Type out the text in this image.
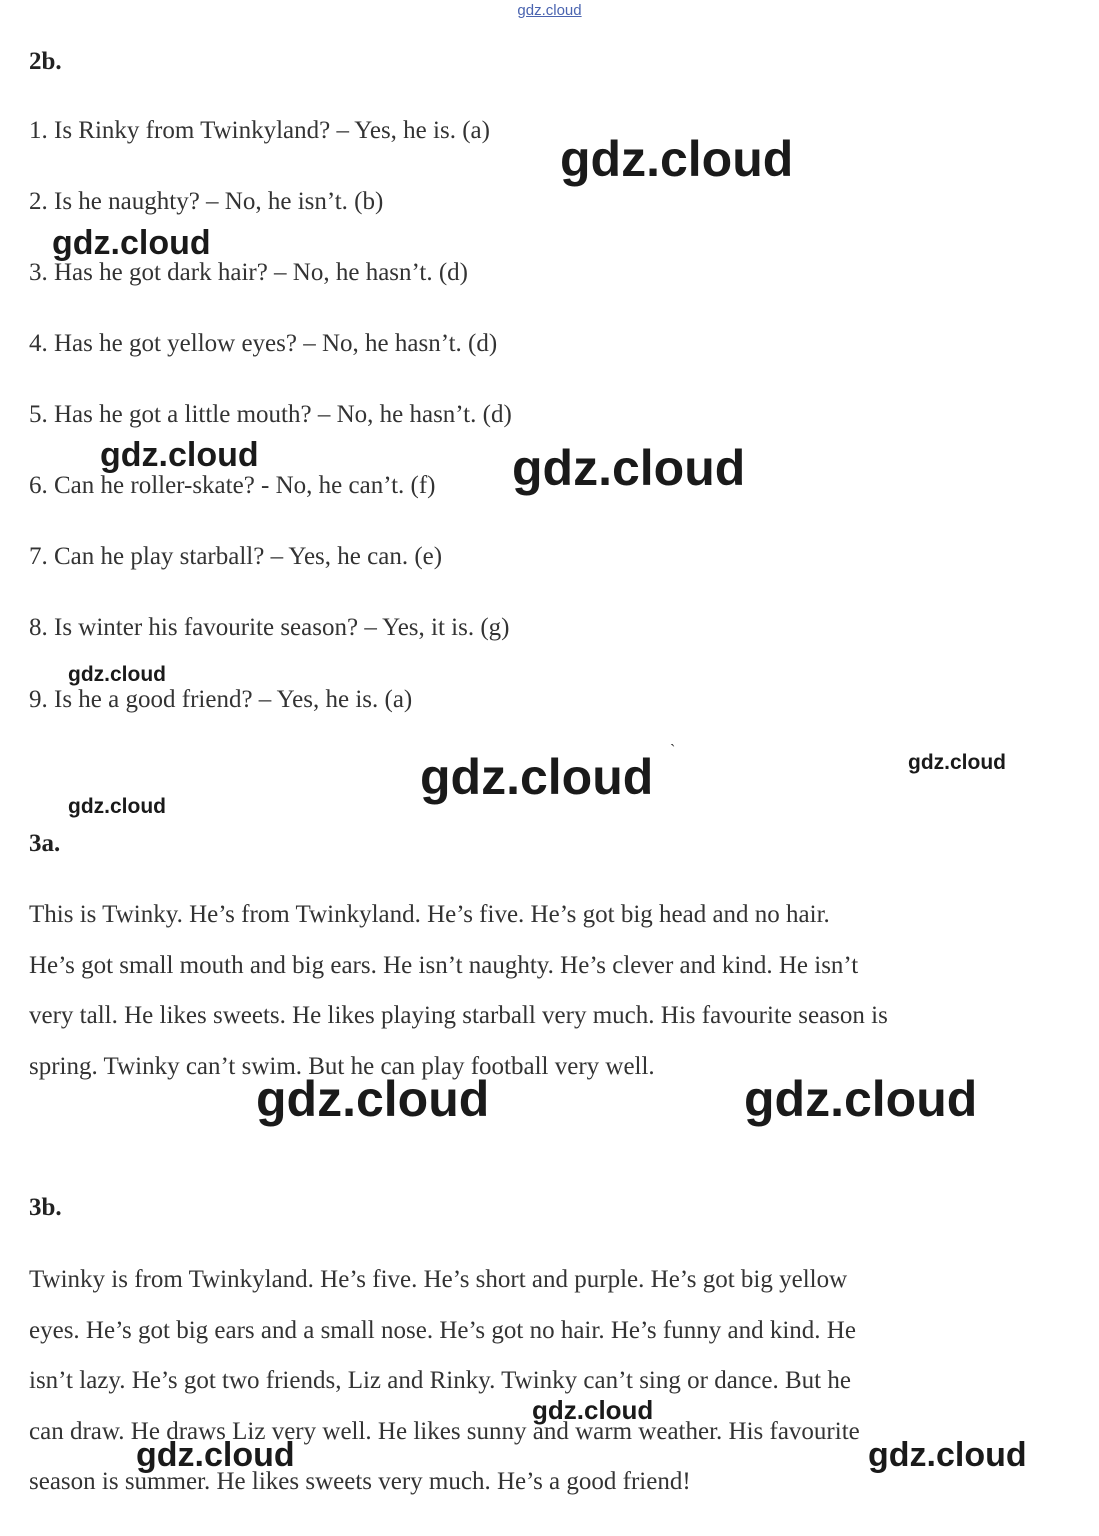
gdz.cloud
2b.
1. Is Rinky from Twinkyland? – Yes, he is. (a)
2. Is he naughty? – No, he isn’t. (b)
3. Has he got dark hair? – No, he hasn’t. (d)
4. Has he got yellow eyes? – No, he hasn’t. (d)
5. Has he got a little mouth? – No, he hasn’t. (d)
6. Can he roller-skate? - No, he can’t. (f)
7. Can he play starball? – Yes, he can. (e)
8. Is winter his favourite season? – Yes, it is. (g)
9. Is he a good friend? – Yes, he is. (a)
`
3a.

This is Twinky. He’s from Twinkyland. He’s five. He’s got big head and no hair.

He’s got small mouth and big ears. He isn’t naughty. He’s clever and kind. He isn’t

very tall. He likes sweets. He likes playing starball very much. His favourite season is

spring. Twinky can’t swim. But he can play football very well.

3b.

Twinky is from Twinkyland. He’s five. He’s short and purple. He’s got big yellow

eyes. He’s got big ears and a small nose. He’s got no hair. He’s funny and kind. He

isn’t lazy. He’s got two friends, Liz and Rinky. Twinky can’t sing or dance. But he

can draw. He draws Liz very well. He likes sunny and warm weather. His favourite

season is summer. He likes sweets very much. He’s a good friend!

gdz.cloud
gdz.cloud
gdz.cloud	gdz.cloud
gdz.cloud
gdz.cloud	gdz.cloud
gdz.cloud
gdz.cloud	gdz.cloud
gdz.cloud
gdz.cloud	gdz.cloud
